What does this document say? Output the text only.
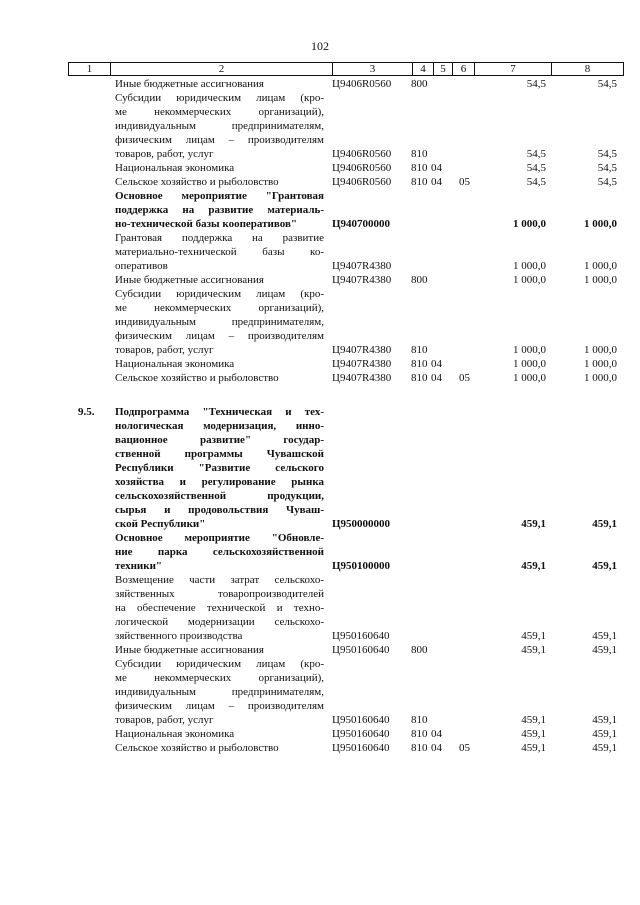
102
1	2	3	4	5	6	7	8
Иные бюджетные ассигнования	Ц9406R0560 800	54,5	54,5
Субсидии юридическим лицам (кро-
ме некоммерческих организаций),
индивидуальным предпринимателям,
физическим лицам – производителям
товаров, работ, услуг	Ц9406R0560 810	54,5	54,5
Национальная экономика	Ц9406R0560 810 04	54,5	54,5
Сельское хозяйство и рыболовство	Ц9406R0560 810 04 05	54,5	54,5
Основное мероприятие "Грантовая
поддержка на развитие материаль-
но-технической базы кооперативов"	Ц940700000	1 000,0	1 000,0
Грантовая поддержка на развитие
материально-технической базы ко-
оперативов	Ц9407R4380	1 000,0	1 000,0
Иные бюджетные ассигнования	Ц9407R4380 800	1 000,0	1 000,0
Субсидии юридическим лицам (кро-
ме некоммерческих организаций),
индивидуальным предпринимателям,
физическим лицам – производителям
товаров, работ, услуг	Ц9407R4380 810	1 000,0	1 000,0
Национальная экономика	Ц9407R4380 810 04	1 000,0	1 000,0
Сельское хозяйство и рыболовство	Ц9407R4380 810 04 05	1 000,0	1 000,0
9.5.	Подпрограмма "Техническая и тех-
нологическая модернизация, инно-
вационное развитие" государ-
ственной программы Чувашской
Республики "Развитие сельского
хозяйства и регулирование рынка
сельскохозяйственной продукции,
сырья и продовольствия Чуваш-
ской Республики"	Ц950000000	459,1	459,1
Основное мероприятие "Обновле-
ние парка сельскохозяйственной
техники"	Ц950100000	459,1	459,1
Возмещение части затрат сельскохо-
зяйственных товаропроизводителей
на обеспечение технической и техно-
логической модернизации сельскохо-
зяйственного производства	Ц950160640	459,1	459,1
Иные бюджетные ассигнования	Ц950160640 800	459,1	459,1
Субсидии юридическим лицам (кро-
ме некоммерческих организаций),
индивидуальным предпринимателям,
физическим лицам – производителям
товаров, работ, услуг	Ц950160640 810	459,1	459,1
Национальная экономика	Ц950160640 810 04	459,1	459,1
Сельское хозяйство и рыболовство	Ц950160640 810 04 05	459,1	459,1
